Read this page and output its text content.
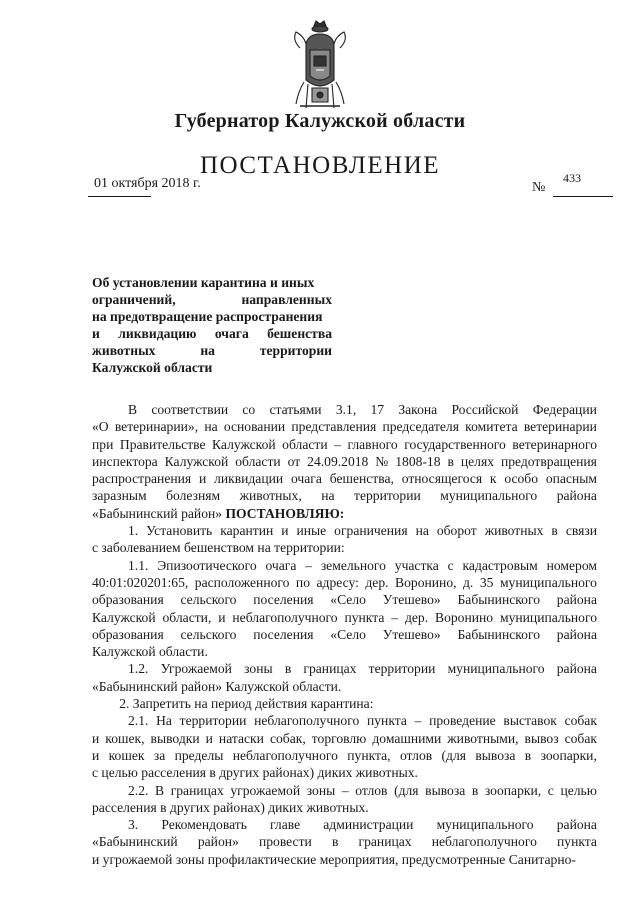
Губернатор Калужской области
ПОСТАНОВЛЕНИЕ
01 октября 2018 г.	№
433
Об установлении карантина и иных
ограничений,	направленных
на предотвращение распространения
и ликвидацию очага бешенства
животных	на	территории
Калужской области
В соответствии со статьями 3.1, 17 Закона Российской Федерации
«О ветеринарии», на основании представления председателя комитета ветеринарии
при Правительстве Калужской области – главного государственного ветеринарного
инспектора Калужской области от 24.09.2018 № 1808-18 в целях предотвращения
распространения и ликвидации очага бешенства, относящегося к особо опасным
заразным болезням животных, на территории муниципального района
«Бабынинский район» ПОСТАНОВЛЯЮ:
1. Установить карантин и иные ограничения на оборот животных в связи
с заболеванием бешенством на территории:
1.1. Эпизоотического очага – земельного участка с кадастровым номером
40:01:020201:65, расположенного по адресу: дер. Воронино, д. 35 муниципального
образования сельского поселения «Село Утешево» Бабынинского района
Калужской области, и неблагополучного пункта – дер. Воронино муниципального
образования сельского поселения «Село Утешево» Бабынинского района
Калужской области.
1.2. Угрожаемой зоны в границах территории муниципального района
«Бабынинский район» Калужской области.
2. Запретить на период действия карантина:
2.1. На территории неблагополучного пункта – проведение выставок собак
и кошек, выводки и натаски собак, торговлю домашними животными, вывоз собак
и кошек за пределы неблагополучного пункта, отлов (для вывоза в зоопарки,
с целью расселения в других районах) диких животных.
2.2. В границах угрожаемой зоны – отлов (для вывоза в зоопарки, с целью
расселения в других районах) диких животных.
3. Рекомендовать главе администрации муниципального района
«Бабынинский район» провести в границах неблагополучного пункта
и угрожаемой зоны профилактические мероприятия, предусмотренные Санитарно-
